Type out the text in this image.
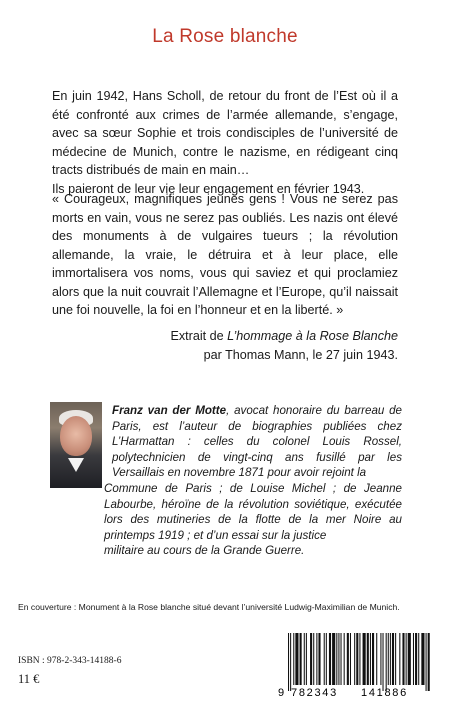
La Rose blanche
En juin 1942, Hans Scholl, de retour du front de l’Est où il a été confronté aux crimes de l’armée allemande, s’engage, avec sa sœur Sophie et trois condisciples de l’université de médecine de Munich, contre le nazisme, en rédigeant cinq tracts distribués de main en main…
Ils paieront de leur vie leur engagement en février 1943.
« Courageux, magnifiques jeunes gens ! Vous ne serez pas morts en vain, vous ne serez pas oubliés. Les nazis ont élevé des monuments à de vulgaires tueurs ; la révolution allemande, la vraie, le détruira et à leur place, elle immortalisera vos noms, vous qui saviez et qui proclamiez alors que la nuit couvrait l’Allemagne et l’Europe, qu’il naissait une foi nouvelle, la foi en l’honneur et en la liberté. »
Extrait de L’hommage à la Rose Blanche
par Thomas Mann, le 27 juin 1943.
Franz van der Motte, avocat honoraire du barreau de Paris, est l’auteur de biographies publiées chez L’Harmattan : celles du colonel Louis Rossel, polytechnicien de vingt-cinq ans fusillé par les Versaillais en novembre 1871 pour avoir rejoint la
Commune de Paris ; de Louise Michel ; de Jeanne Labourbe, héroïne de la révolution soviétique, exécutée lors des mutineries de la flotte de la mer Noire au printemps 1919 ; et d’un essai sur la justice
militaire au cours de la Grande Guerre.
En couverture : Monument à la Rose blanche situé devant l’université Ludwig-Maximilian de Munich.
ISBN : 978-2-343-14188-6
11 €
9 782343 141886
